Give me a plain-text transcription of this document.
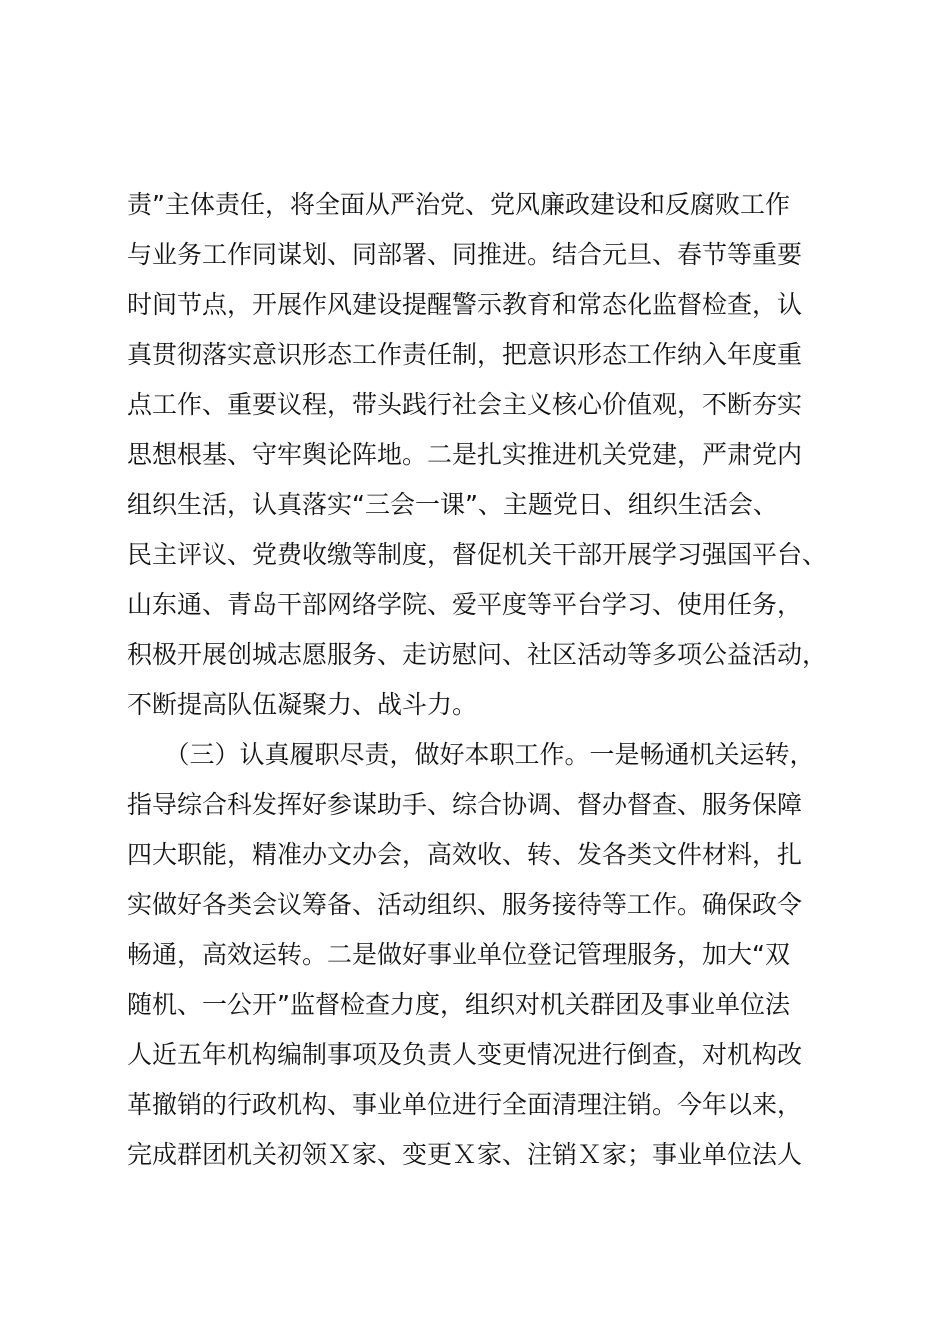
责”主体责任，将全面从严治党、党风廉政建设和反腐败工作
与业务工作同谋划、同部署、同推进。结合元旦、春节等重要
时间节点，开展作风建设提醒警示教育和常态化监督检查，认
真贯彻落实意识形态工作责任制，把意识形态工作纳入年度重
点工作、重要议程，带头践行社会主义核心价值观，不断夯实
思想根基、守牢舆论阵地。二是扎实推进机关党建，严肃党内
组织生活，认真落实“三会一课”、主题党日、组织生活会、
民主评议、党费收缴等制度，督促机关干部开展学习强国平台、
山东通、青岛干部网络学院、爱平度等平台学习、使用任务，
积极开展创城志愿服务、走访慰问、社区活动等多项公益活动，
不断提高队伍凝聚力、战斗力。
　　（三）认真履职尽责，做好本职工作。一是畅通机关运转，
指导综合科发挥好参谋助手、综合协调、督办督查、服务保障
四大职能，精准办文办会，高效收、转、发各类文件材料，扎
实做好各类会议筹备、活动组织、服务接待等工作。确保政令
畅通，高效运转。二是做好事业单位登记管理服务，加大“双
随机、一公开”监督检查力度，组织对机关群团及事业单位法
人近五年机构编制事项及负责人变更情况进行倒查，对机构改
革撤销的行政机构、事业单位进行全面清理注销。今年以来，
完成群团机关初领Ｘ家、变更Ｘ家、注销Ｘ家；事业单位法人
